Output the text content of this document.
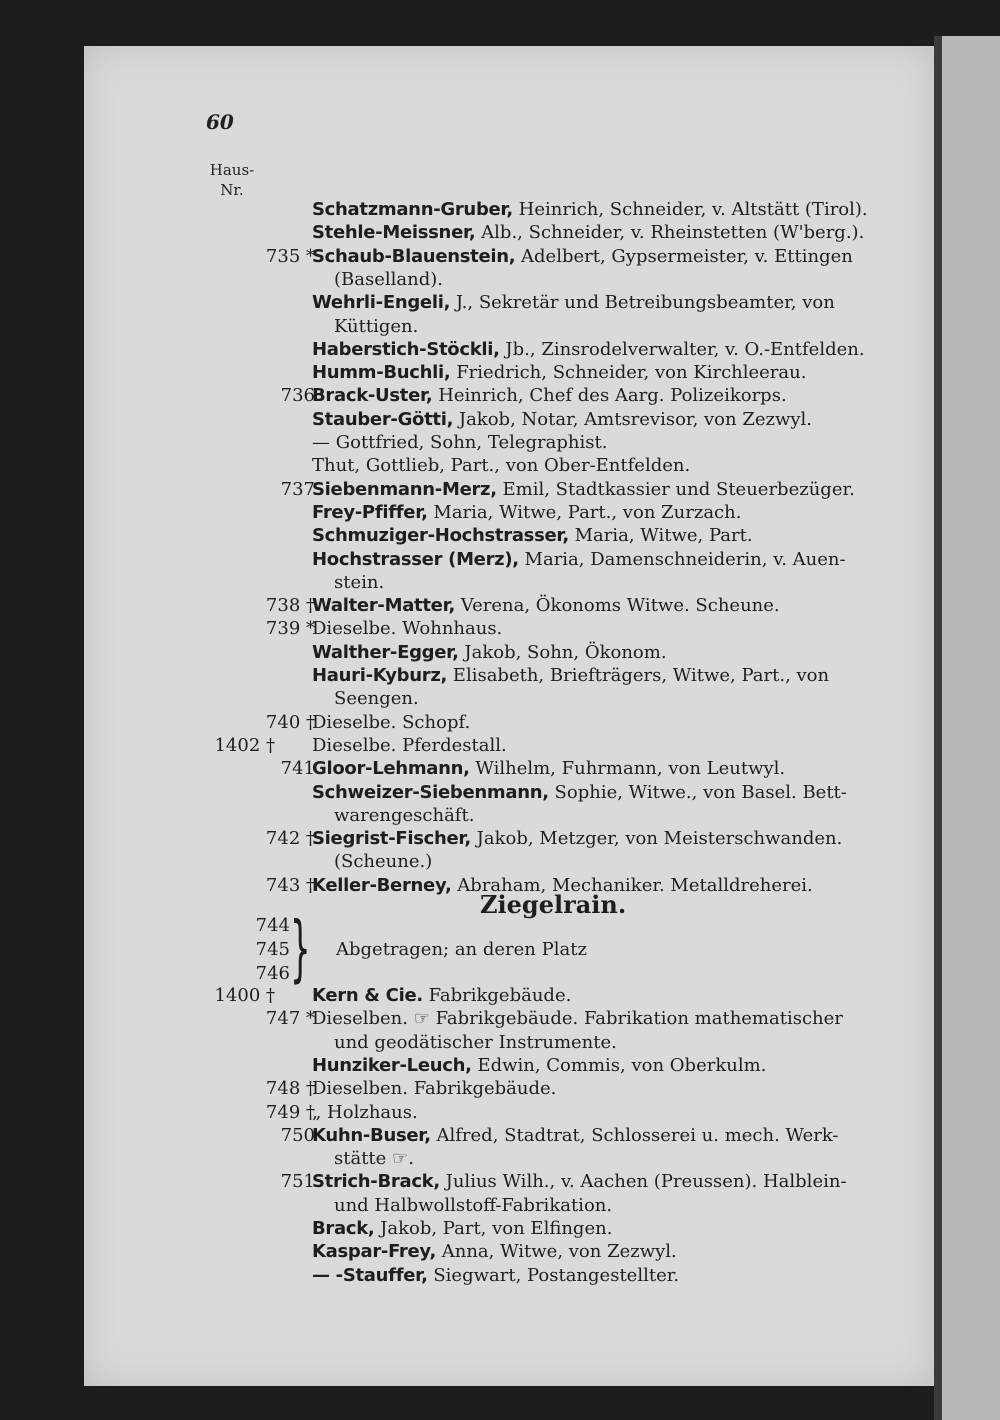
60
Haus-
Nr.
Schatzmann-Gruber, Heinrich, Schneider, v. Altstätt (Tirol).
Stehle-Meissner, Alb., Schneider, v. Rheinstetten (W'berg.).
735 *
Schaub-Blauenstein, Adelbert, Gypsermeister, v. Ettingen
(Baselland).
Wehrli-Engeli, J., Sekretär und Betreibungsbeamter, von
Küttigen.
Haberstich-Stöckli, Jb., Zinsrodelverwalter, v. O.-Entfelden.
Humm-Buchli, Friedrich, Schneider, von Kirchleerau.
736
Brack-Uster, Heinrich, Chef des Aarg. Polizeikorps.
Stauber-Götti, Jakob, Notar, Amtsrevisor, von Zezwyl.
— Gottfried, Sohn, Telegraphist.
Thut, Gottlieb, Part., von Ober-Entfelden.
737
Siebenmann-Merz, Emil, Stadtkassier und Steuerbezüger.
Frey-Pfiffer, Maria, Witwe, Part., von Zurzach.
Schmuziger-Hochstrasser, Maria, Witwe, Part.
Hochstrasser (Merz), Maria, Damenschneiderin, v. Auen-
stein.
738 †
Walter-Matter, Verena, Ökonoms Witwe. Scheune.
739 *
Dieselbe. Wohnhaus.
Walther-Egger, Jakob, Sohn, Ökonom.
Hauri-Kyburz, Elisabeth, Briefträgers, Witwe, Part., von
Seengen.
740 †
Dieselbe. Schopf.
1402 † Dieselbe. Pferdestall.
741
Gloor-Lehmann, Wilhelm, Fuhrmann, von Leutwyl.
Schweizer-Siebenmann, Sophie, Witwe., von Basel. Bett-
warengeschäft.
742 †
Siegrist-Fischer, Jakob, Metzger, von Meisterschwanden.
(Scheune.)
743 †
Keller-Berney, Abraham, Mechaniker. Metalldreherei.
Ziegelrain.
744
745
746 } Abgetragen; an deren Platz
1400 † Kern & Cie. Fabrikgebäude.
747 *
Dieselben. ☞ Fabrikgebäude. Fabrikation mathematischer
und geodätischer Instrumente.
Hunziker-Leuch, Edwin, Commis, von Oberkulm.
748 †
Dieselben. Fabrikgebäude.
749 †
„ Holzhaus.
750
Kuhn-Buser, Alfred, Stadtrat, Schlosserei u. mech. Werk-
stätte ☞.
751
Strich-Brack, Julius Wilh., v. Aachen (Preussen). Halblein-
und Halbwollstoff-Fabrikation.
Brack, Jakob, Part, von Elfingen.
Kaspar-Frey, Anna, Witwe, von Zezwyl.
— -Stauffer, Siegwart, Postangestellter.
